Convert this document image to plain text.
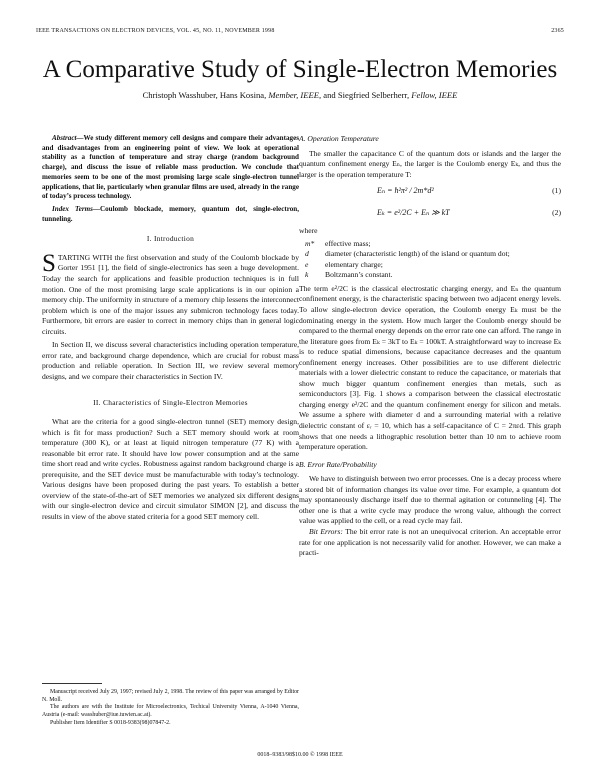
IEEE TRANSACTIONS ON ELECTRON DEVICES, VOL. 45, NO. 11, NOVEMBER 1998	2365
A Comparative Study of Single-Electron Memories
Christoph Wasshuber, Hans Kosina, Member, IEEE, and Siegfried Selberherr, Fellow, IEEE

Abstract—We study different memory cell designs and compare their advantages and disadvantages from an engineering point of view. We look at operational stability as a function of temperature and stray charge (random background charge), and discuss the issue of reliable mass production. We conclude that memories seem to be one of the most promising large scale single-electron tunnel applications, that lie, particularly when granular films are used, already in the range of today’s process technology.

Index Terms—Coulomb blockade, memory, quantum dot, single-electron, tunneling.

I. Introduction

STARTING WITH the first observation and study of the Coulomb blockade by Gorter 1951 [1], the field of single-electronics has seen a huge development. Today the search for applications and feasible production techniques is in full motion. One of the most promising large scale applications is in our opinion a memory chip. The uniformity in structure of a memory chip lessens the interconnect problem which is one of the major issues any submicron technology faces today. Furthermore, bit errors are easier to correct in memory chips than in general logic circuits.

In Section II, we discuss several characteristics including operation temperature, error rate, and background charge dependence, which are crucial for robust mass production and reliable operation. In Section III, we review several memory designs, and we compare their characteristics in Section IV.

II. Characteristics of Single-Electron Memories

What are the criteria for a good single-electron tunnel (SET) memory design, which is fit for mass production? Such a SET memory should work at room temperature (300 K), or at least at liquid nitrogen temperature (77 K) with a reasonable bit error rate. It should have low power consumption and at the same time short read and write cycles. Robustness against random background charge is a prerequisite, and the SET device must be manufacturable with today’s technology. Various designs have been proposed during the past years. To establish a better overview of the state-of-the-art of SET memories we analyzed six different designs with our single-electron device and circuit simulator SIMON [2], and discuss the results in view of the above stated criteria for a good SET memory cell.

Manuscript received July 29, 1997; revised July 2, 1998. The review of this paper was arranged by Editor N. Moll.

The authors are with the Institute for Microelectronics, Techical University Vienna, A-1040 Vienna, Austria (e-mail: wasshuber@iue.tuwien.ac.at).

Publisher Item Identifier S 0018-9383(98)07847-2.

A. Operation Temperature

The smaller the capacitance C of the quantum dots or islands and the larger the quantum confinement energy Eₙ, the larger is the Coulomb energy Eₖ, and thus the larger is the operation temperature T:

Eₙ = ħ²π² / 2m*d²	(1)
Eₖ = e²/2C + Eₙ ≫ kT	(2)

where

m*	effective mass;
d	diameter (characteristic length) of the island or quantum dot;
e	elementary charge;
k	Boltzmann’s constant.

The term e²/2C is the classical electrostatic charging energy, and Eₙ the quantum confinement energy, is the characteristic spacing between two adjacent energy levels. To allow single-electron device operation, the Coulomb energy Eₖ must be the dominating energy in the system. How much larger the Coulomb energy should be compared to the thermal energy depends on the error rate one can afford. The range in the literature goes from Eₖ = 3kT to Eₖ = 100kT. A straightforward way to increase Eₖ is to reduce spatial dimensions, because capacitance decreases and the quantum confinement energy increases. Other possibilities are to use different dielectric materials with a lower dielectric constant to reduce the capacitance, or materials that show much bigger quantum confinement energies than metals, such as semiconductors [3]. Fig. 1 shows a comparison between the classical electrostatic charging energy e²/2C and the quantum confinement energy for silicon and metals. We assume a sphere with diameter d and a surrounding material with a relative dielectric constant of εᵣ = 10, which has a self-capacitance of C = 2πεd. This graph shows that one needs a lithographic resolution better than 10 nm to achieve room temperature operation.

B. Error Rate/Probability

We have to distinguish between two error processes. One is a decay process where a stored bit of information changes its value over time. For example, a quantum dot may spontaneously discharge itself due to thermal agitation or cotunneling [4]. The other one is that a write cycle may produce the wrong value, although the correct value was applied to the cell, or a read cycle may fail.

Bit Errors: The bit error rate is not an unequivocal criterion. An acceptable error rate for one application is not necessarily valid for another. However, we can make a practi-

0018–9383/98$10.00 © 1998 IEEE
